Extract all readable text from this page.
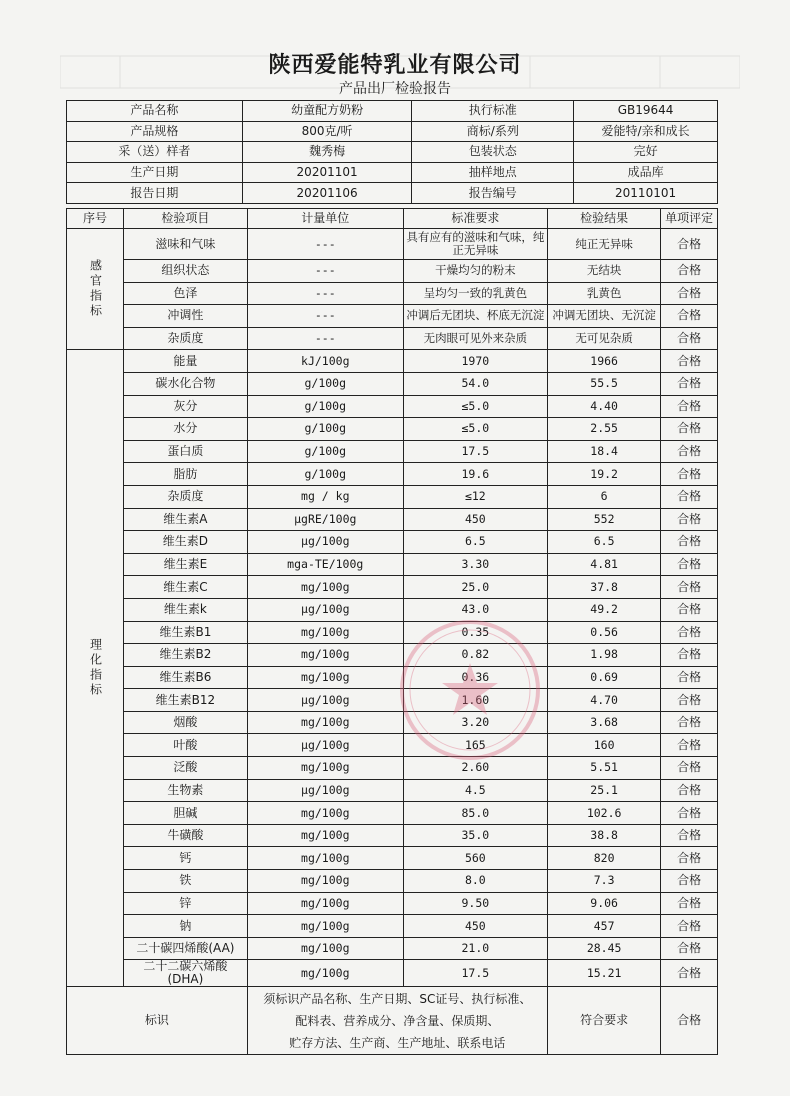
陕西爱能特乳业有限公司
产品出厂检验报告
产品名称	幼童配方奶粉	执行标准	GB19644
产品规格	800克/听	商标/系列	爱能特/亲和成长
采（送）样者	魏秀梅	包装状态	完好
生产日期	20201101	抽样地点	成品库
报告日期	20201106	报告编号	20110101
序号	检验项目	计量单位	标准要求	检验结果	单项评定
感官指标	滋味和气味	---	具有应有的滋味和气味，纯正无异味	纯正无异味	合格
	组织状态	---	干燥均匀的粉末	无结块	合格
	色泽	---	呈均匀一致的乳黄色	乳黄色	合格
	冲调性	---	冲调后无团块、杯底无沉淀	冲调无团块、无沉淀	合格
	杂质度	---	无肉眼可见外来杂质	无可见杂质	合格
理化指标	能量	kJ/100g	1970	1966	合格
	碳水化合物	g/100g	54.0	55.5	合格
	灰分	g/100g	≤5.0	4.40	合格
	水分	g/100g	≤5.0	2.55	合格
	蛋白质	g/100g	17.5	18.4	合格
	脂肪	g/100g	19.6	19.2	合格
	杂质度	mg / kg	≤12	6	合格
	维生素A	μgRE/100g	450	552	合格
	维生素D	μg/100g	6.5	6.5	合格
	维生素E	mga-TE/100g	3.30	4.81	合格
	维生素C	mg/100g	25.0	37.8	合格
	维生素k	μg/100g	43.0	49.2	合格
	维生素B1	mg/100g	0.35	0.56	合格
	维生素B2	mg/100g	0.82	1.98	合格
	维生素B6	mg/100g	0.36	0.69	合格
	维生素B12	μg/100g	1.60	4.70	合格
	烟酸	mg/100g	3.20	3.68	合格
	叶酸	μg/100g	165	160	合格
	泛酸	mg/100g	2.60	5.51	合格
	生物素	μg/100g	4.5	25.1	合格
	胆碱	mg/100g	85.0	102.6	合格
	牛磺酸	mg/100g	35.0	38.8	合格
	钙	mg/100g	560	820	合格
	铁	mg/100g	8.0	7.3	合格
	锌	mg/100g	9.50	9.06	合格
	钠	mg/100g	450	457	合格
	二十碳四烯酸(AA)	mg/100g	21.0	28.45	合格
	二十二碳六烯酸(DHA)	mg/100g	17.5	15.21	合格
标识		须标识产品名称、生产日期、SC证号、执行标准、
配料表、营养成分、净含量、保质期、
贮存方法、生产商、生产地址、联系电话		符合要求	合格
